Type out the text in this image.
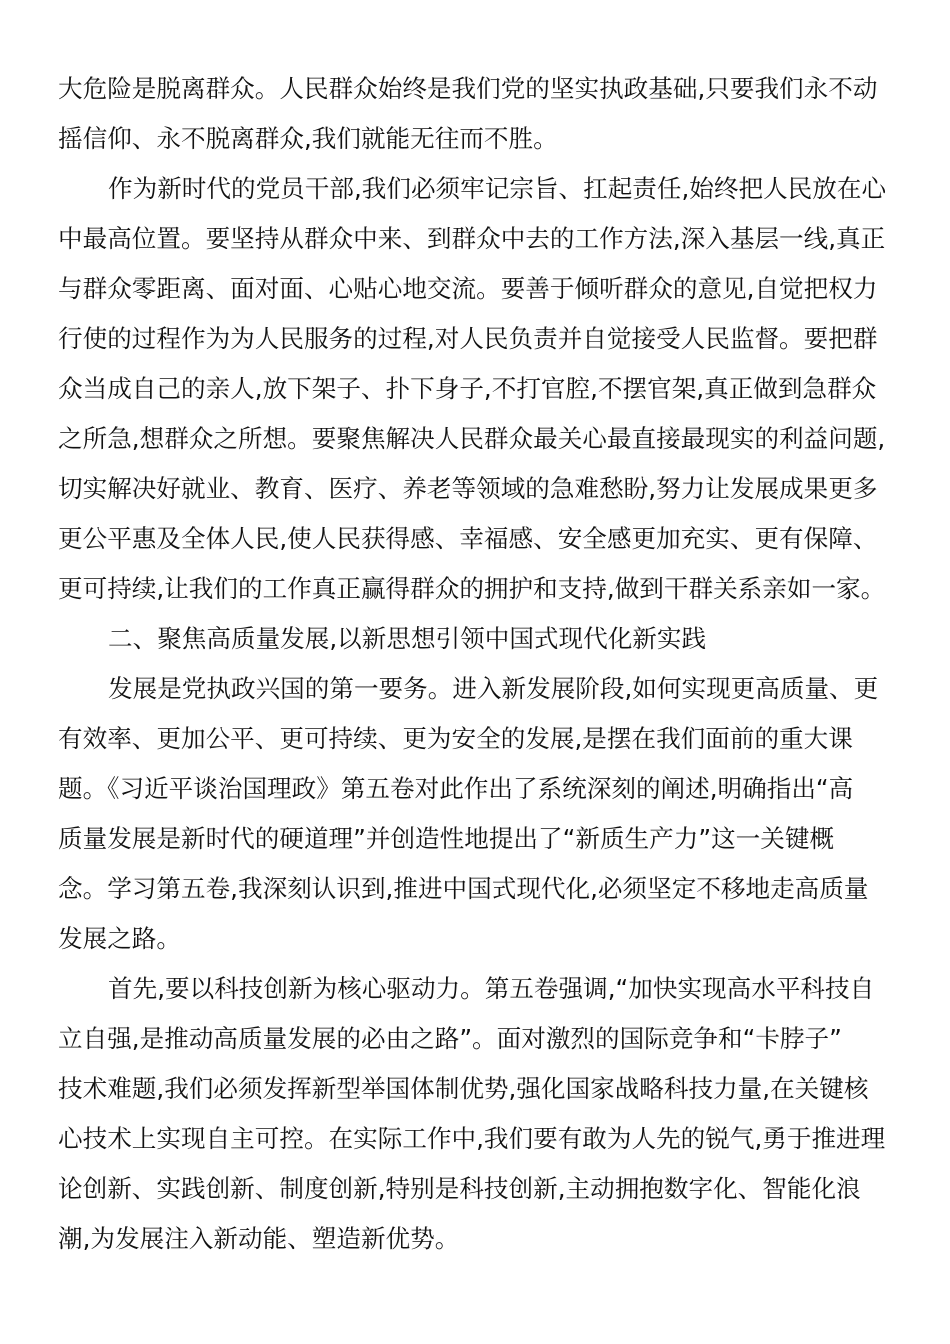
大危险是脱离群众。人民群众始终是我们党的坚实执政基础,只要我们永不动
摇信仰、永不脱离群众,我们就能无往而不胜。
作为新时代的党员干部,我们必须牢记宗旨、扛起责任,始终把人民放在心
中最高位置。要坚持从群众中来、到群众中去的工作方法,深入基层一线,真正
与群众零距离、面对面、心贴心地交流。要善于倾听群众的意见,自觉把权力
行使的过程作为为人民服务的过程,对人民负责并自觉接受人民监督。要把群
众当成自己的亲人,放下架子、扑下身子,不打官腔,不摆官架,真正做到急群众
之所急,想群众之所想。要聚焦解决人民群众最关心最直接最现实的利益问题,
切实解决好就业、教育、医疗、养老等领域的急难愁盼,努力让发展成果更多
更公平惠及全体人民,使人民获得感、幸福感、安全感更加充实、更有保障、
更可持续,让我们的工作真正赢得群众的拥护和支持,做到干群关系亲如一家。
二、聚焦高质量发展,以新思想引领中国式现代化新实践
发展是党执政兴国的第一要务。进入新发展阶段,如何实现更高质量、更
有效率、更加公平、更可持续、更为安全的发展,是摆在我们面前的重大课
题。《习近平谈治国理政》第五卷对此作出了系统深刻的阐述,明确指出“高
质量发展是新时代的硬道理”并创造性地提出了“新质生产力”这一关键概
念。学习第五卷,我深刻认识到,推进中国式现代化,必须坚定不移地走高质量
发展之路。
首先,要以科技创新为核心驱动力。第五卷强调,“加快实现高水平科技自
立自强,是推动高质量发展的必由之路”。面对激烈的国际竞争和“卡脖子”
技术难题,我们必须发挥新型举国体制优势,强化国家战略科技力量,在关键核
心技术上实现自主可控。在实际工作中,我们要有敢为人先的锐气,勇于推进理
论创新、实践创新、制度创新,特别是科技创新,主动拥抱数字化、智能化浪
潮,为发展注入新动能、塑造新优势。
